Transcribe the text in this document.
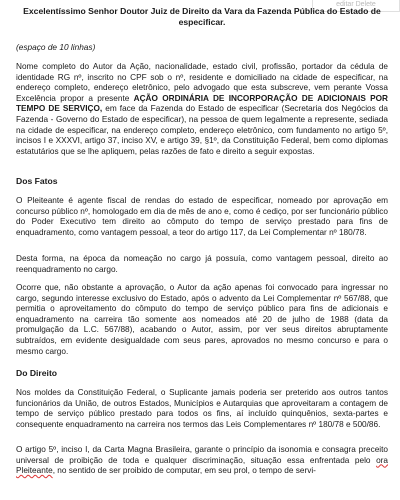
editar Delete
Excelentíssimo Senhor Doutor Juiz de Direito da Vara da Fazenda Pública do Estado de especificar.
(espaço de 10 linhas)

Nome completo do Autor da Ação, nacionalidade, estado civil, profissão, portador da cédula de identidade RG nº, inscrito no CPF sob o nº, residente e domiciliado na cidade de especificar, na endereço completo, endereço eletrônico, pelo advogado que esta subscreve, vem perante Vossa Excelência propor a presente AÇÃO ORDINÁRIA DE INCORPORAÇÃO DE ADICIONAIS POR TEMPO DE SERVIÇO, em face da Fazenda do Estado de especificar (Secretaria dos Negócios da Fazenda - Governo do Estado de especificar), na pessoa de quem legalmente a represente, sediada na cidade de especificar, na endereço completo, endereço eletrônico, com fundamento no artigo 5º, incisos I e XXXVI, artigo 37, inciso XV, e artigo 39, §1º, da Constituição Federal, bem como diplomas estatutários que se lhe apliquem, pelas razões de fato e direito a seguir expostas.

Dos Fatos

O Pleiteante é agente fiscal de rendas do estado de especificar, nomeado por aprovação em concurso público nº, homologado em dia de mês de ano e, como é cediço, por ser funcionário público do Poder Executivo tem direito ao cômputo do tempo de serviço prestado para fins de enquadramento, como vantagem pessoal, a teor do artigo 117, da Lei Complementar nº 180/78.

Desta forma, na época da nomeação no cargo já possuía, como vantagem pessoal, direito ao reenquadramento no cargo.

Ocorre que, não obstante a aprovação, o Autor da ação apenas foi convocado para ingressar no cargo, segundo interesse exclusivo do Estado, após o advento da Lei Complementar nº 567/88, que permitia o aproveitamento do cômputo do tempo de serviço público para fins de adicionais e enquadramento na carreira tão somente aos nomeados até 20 de julho de 1988 (data da promulgação da L.C. 567/88), acabando o Autor, assim, por ver seus direitos abruptamente subtraídos, em evidente desigualdade com seus pares, aprovados no mesmo concurso e para o mesmo cargo.

Do Direito

Nos moldes da Constituição Federal, o Suplicante jamais poderia ser preterido aos outros tantos funcionários da União, de outros Estados, Municípios e Autarquias que aproveitaram a contagem de tempo de serviço público prestado para todos os fins, aí incluído quinquênios, sexta-partes e consequente enquadramento na carreira nos termos das Leis Complementares nº 180/78 e 500/86.

O artigo 5º, inciso I, da Carta Magna Brasileira, garante o princípio da isonomia e consagra preceito universal de proibição de toda e qualquer discriminação, situação essa enfrentada pelo ora Pleiteante, no sentido de ser proibido de computar, em seu prol, o tempo de servi-
